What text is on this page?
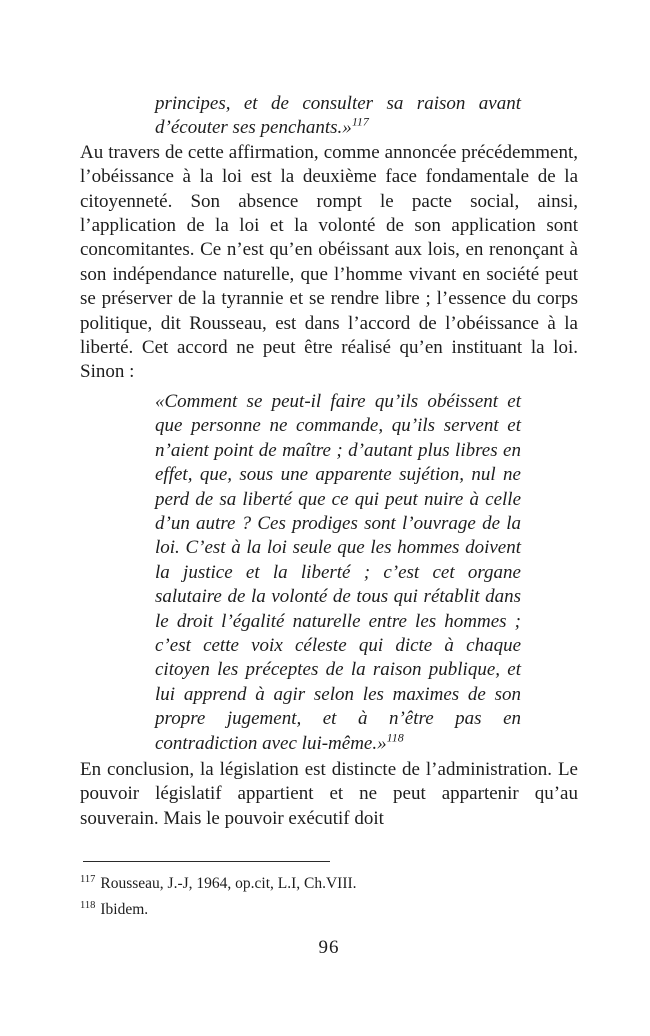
principes, et de consulter sa raison avant d’écouter ses penchants.»$^{117}$

Au travers de cette affirmation, comme annoncée précédemment, l’obéissance à la loi est la deuxième face fondamentale de la citoyenneté. Son absence rompt le pacte social, ainsi, l’application de la loi et la volonté de son application sont concomitantes. Ce n’est qu’en obéissant aux lois, en renonçant à son indépendance naturelle, que l’homme vivant en société peut se préserver de la tyrannie et se rendre libre ; l’essence du corps politique, dit Rousseau, est dans l’accord de l’obéissance à la liberté. Cet accord ne peut être réalisé qu’en instituant la loi. Sinon :

«Comment se peut-il faire qu’ils obéissent et que personne ne commande, qu’ils servent et n’aient point de maître ; d’autant plus libres en effet, que, sous une apparente sujétion, nul ne perd de sa liberté que ce qui peut nuire à celle d’un autre ? Ces prodiges sont l’ouvrage de la loi. C’est à la loi seule que les hommes doivent la justice et la liberté ; c’est cet organe salutaire de la volonté de tous qui rétablit dans le droit l’égalité naturelle entre les hommes ; c’est cette voix céleste qui dicte à chaque citoyen les préceptes de la raison publique, et lui apprend à agir selon les maximes de son propre jugement, et à n’être pas en contradiction avec lui-même.»$^{118}$

En conclusion, la législation est distincte de l’administration. Le pouvoir législatif appartient et ne peut appartenir qu’au souverain. Mais le pouvoir exécutif doit

$^{117}$ Rousseau, J.-J, 1964, op.cit, L.I, Ch.VIII.

$^{118}$ Ibidem.

96
